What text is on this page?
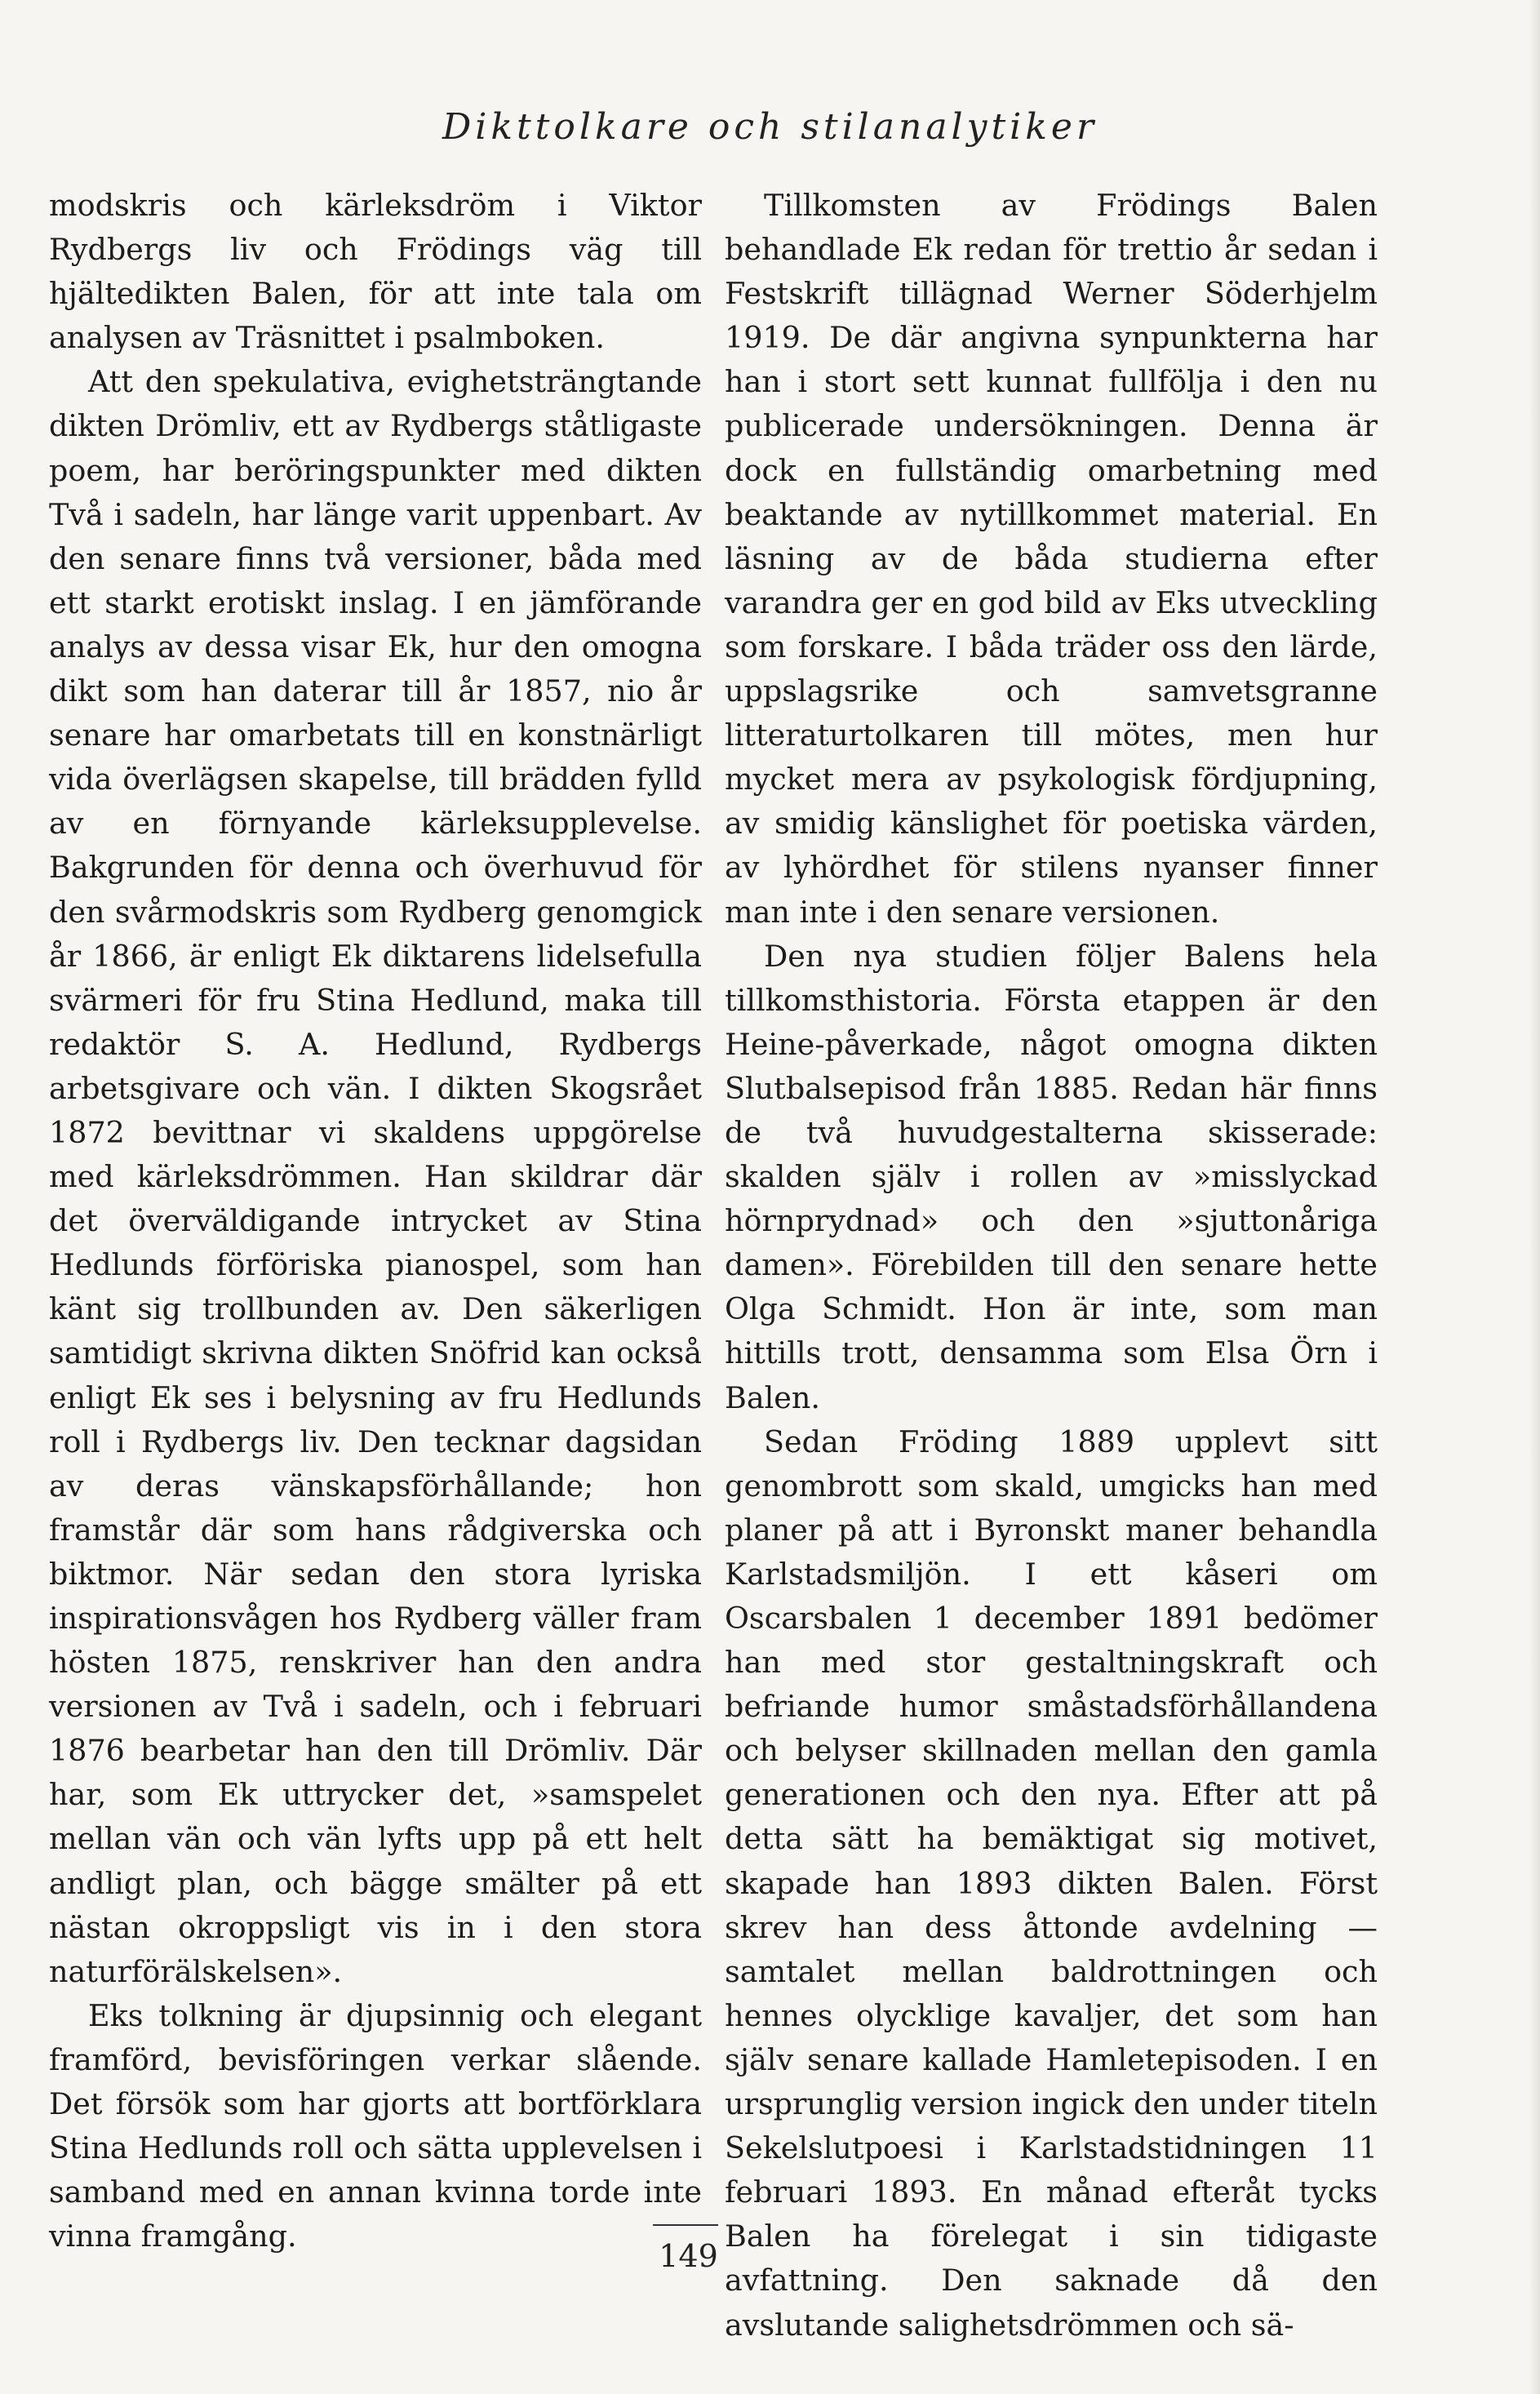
Dikttolkare och stilanalytiker

modskris och kärleksdröm i Viktor Rydbergs liv och Frödings väg till hjältedikten Balen, för att inte tala om analysen av Träsnittet i psalmboken.

Att den spekulativa, evighetsträngtande dikten Drömliv, ett av Rydbergs ståtligaste poem, har beröringspunkter med dikten Två i sadeln, har länge varit uppenbart. Av den senare finns två versioner, båda med ett starkt erotiskt inslag. I en jämförande analys av dessa visar Ek, hur den omogna dikt som han daterar till år 1857, nio år senare har omarbetats till en konstnärligt vida överlägsen skapelse, till brädden fylld av en förnyande kärleksupplevelse. Bakgrunden för denna och överhuvud för den svårmodskris som Rydberg genomgick år 1866, är enligt Ek diktarens lidelsefulla svärmeri för fru Stina Hedlund, maka till redaktör S. A. Hedlund, Rydbergs arbetsgivare och vän. I dikten Skogsrået 1872 bevittnar vi skaldens uppgörelse med kärleksdrömmen. Han skildrar där det överväldigande intrycket av Stina Hedlunds förföriska pianospel, som han känt sig trollbunden av. Den säkerligen samtidigt skrivna dikten Snöfrid kan också enligt Ek ses i belysning av fru Hedlunds roll i Rydbergs liv. Den tecknar dagsidan av deras vänskapsförhållande; hon framstår där som hans rådgiverska och biktmor. När sedan den stora lyriska inspirationsvågen hos Rydberg väller fram hösten 1875, renskriver han den andra versionen av Två i sadeln, och i februari 1876 bearbetar han den till Drömliv. Där har, som Ek uttrycker det, »samspelet mellan vän och vän lyfts upp på ett helt andligt plan, och bägge smälter på ett nästan okroppsligt vis in i den stora naturförälskelsen».

Eks tolkning är djupsinnig och elegant framförd, bevisföringen verkar slående. Det försök som har gjorts att bortförklara Stina Hedlunds roll och sätta upplevelsen i samband med en annan kvinna torde inte vinna framgång.

Tillkomsten av Frödings Balen behandlade Ek redan för trettio år sedan i Festskrift tillägnad Werner Söderhjelm 1919. De där angivna synpunkterna har han i stort sett kunnat fullfölja i den nu publicerade undersökningen. Denna är dock en fullständig omarbetning med beaktande av nytillkommet material. En läsning av de båda studierna efter varandra ger en god bild av Eks utveckling som forskare. I båda träder oss den lärde, uppslagsrike och samvetsgranne litteraturtolkaren till mötes, men hur mycket mera av psykologisk fördjupning, av smidig känslighet för poetiska värden, av lyhördhet för stilens nyanser finner man inte i den senare versionen.

Den nya studien följer Balens hela tillkomsthistoria. Första etappen är den Heine-påverkade, något omogna dikten Slutbalsepisod från 1885. Redan här finns de två huvudgestalterna skisserade: skalden själv i rollen av »misslyckad hörnprydnad» och den »sjuttonåriga damen». Förebilden till den senare hette Olga Schmidt. Hon är inte, som man hittills trott, densamma som Elsa Örn i Balen.

Sedan Fröding 1889 upplevt sitt genombrott som skald, umgicks han med planer på att i Byronskt maner behandla Karlstadsmiljön. I ett kåseri om Oscarsbalen 1 december 1891 bedömer han med stor gestaltningskraft och befriande humor småstadsförhållandena och belyser skillnaden mellan den gamla generationen och den nya. Efter att på detta sätt ha bemäktigat sig motivet, skapade han 1893 dikten Balen. Först skrev han dess åttonde avdelning — samtalet mellan baldrottningen och hennes olycklige kavaljer, det som han själv senare kallade Hamletepisoden. I en ursprunglig version ingick den under titeln Sekelslutpoesi i Karlstadstidningen 11 februari 1893. En månad efteråt tycks Balen ha förelegat i sin tidigaste avfattning. Den saknade då den avslutande salighetsdrömmen och sä-

149
